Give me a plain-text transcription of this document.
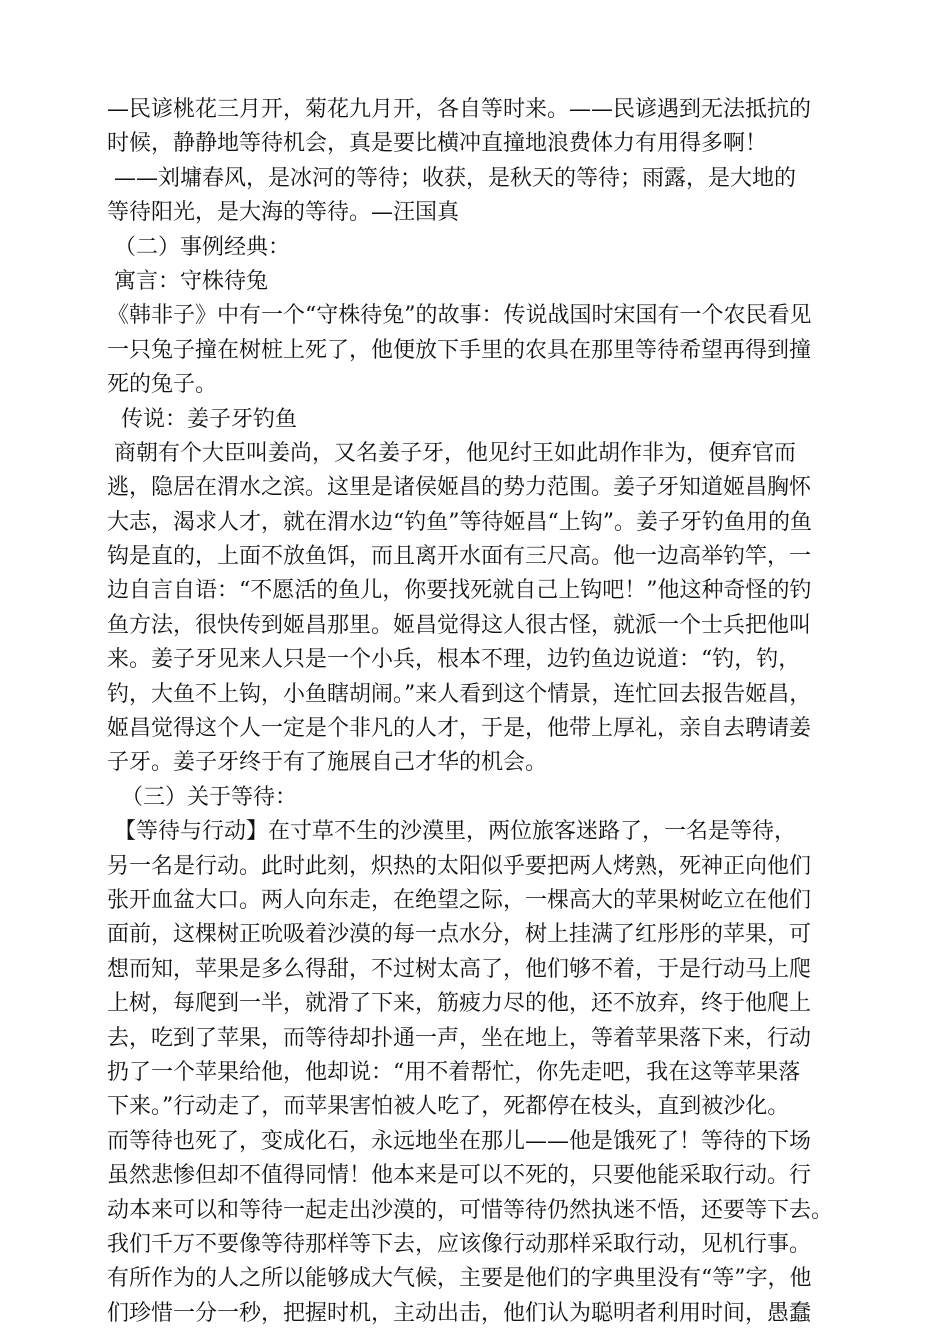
—民谚桃花三月开，菊花九月开，各自等时来。——民谚遇到无法抵抗的
时候，静静地等待机会，真是要比横冲直撞地浪费体力有用得多啊！
——刘墉春风，是冰河的等待；收获，是秋天的等待；雨露，是大地的
等待阳光，是大海的等待。—汪国真
（二）事例经典：
寓言：守株待兔
《韩非子》中有一个“守株待兔”的故事：传说战国时宋国有一个农民看见
一只兔子撞在树桩上死了，他便放下手里的农具在那里等待希望再得到撞
死的兔子。
传说：姜子牙钓鱼
商朝有个大臣叫姜尚，又名姜子牙，他见纣王如此胡作非为，便弃官而
逃，隐居在渭水之滨。这里是诸侯姬昌的势力范围。姜子牙知道姬昌胸怀
大志，渴求人才，就在渭水边“钓鱼”等待姬昌“上钩”。姜子牙钓鱼用的鱼
钩是直的，上面不放鱼饵，而且离开水面有三尺高。他一边高举钓竿，一
边自言自语：“不愿活的鱼儿，你要找死就自己上钩吧！”他这种奇怪的钓
鱼方法，很快传到姬昌那里。姬昌觉得这人很古怪，就派一个士兵把他叫
来。姜子牙见来人只是一个小兵，根本不理，边钓鱼边说道：“钓，钓，
钓，大鱼不上钩，小鱼瞎胡闹。”来人看到这个情景，连忙回去报告姬昌，
姬昌觉得这个人一定是个非凡的人才，于是，他带上厚礼，亲自去聘请姜
子牙。姜子牙终于有了施展自己才华的机会。
（三）关于等待：
【等待与行动】在寸草不生的沙漠里，两位旅客迷路了，一名是等待，
另一名是行动。此时此刻，炽热的太阳似乎要把两人烤熟，死神正向他们
张开血盆大口。两人向东走，在绝望之际，一棵高大的苹果树屹立在他们
面前，这棵树正吮吸着沙漠的每一点水分，树上挂满了红彤彤的苹果，可
想而知，苹果是多么得甜，不过树太高了，他们够不着，于是行动马上爬
上树，每爬到一半，就滑了下来，筋疲力尽的他，还不放弃，终于他爬上
去，吃到了苹果，而等待却扑通一声，坐在地上，等着苹果落下来，行动
扔了一个苹果给他，他却说：“用不着帮忙，你先走吧，我在这等苹果落
下来。”行动走了，而苹果害怕被人吃了，死都停在枝头，直到被沙化。
而等待也死了，变成化石，永远地坐在那儿——他是饿死了！等待的下场
虽然悲惨但却不值得同情！他本来是可以不死的，只要他能采取行动。行
动本来可以和等待一起走出沙漠的，可惜等待仍然执迷不悟，还要等下去。
我们千万不要像等待那样等下去，应该像行动那样采取行动，见机行事。
有所作为的人之所以能够成大气候，主要是他们的字典里没有“等”字，他
们珍惜一分一秒，把握时机，主动出击，他们认为聪明者利用时间，愚蠢
